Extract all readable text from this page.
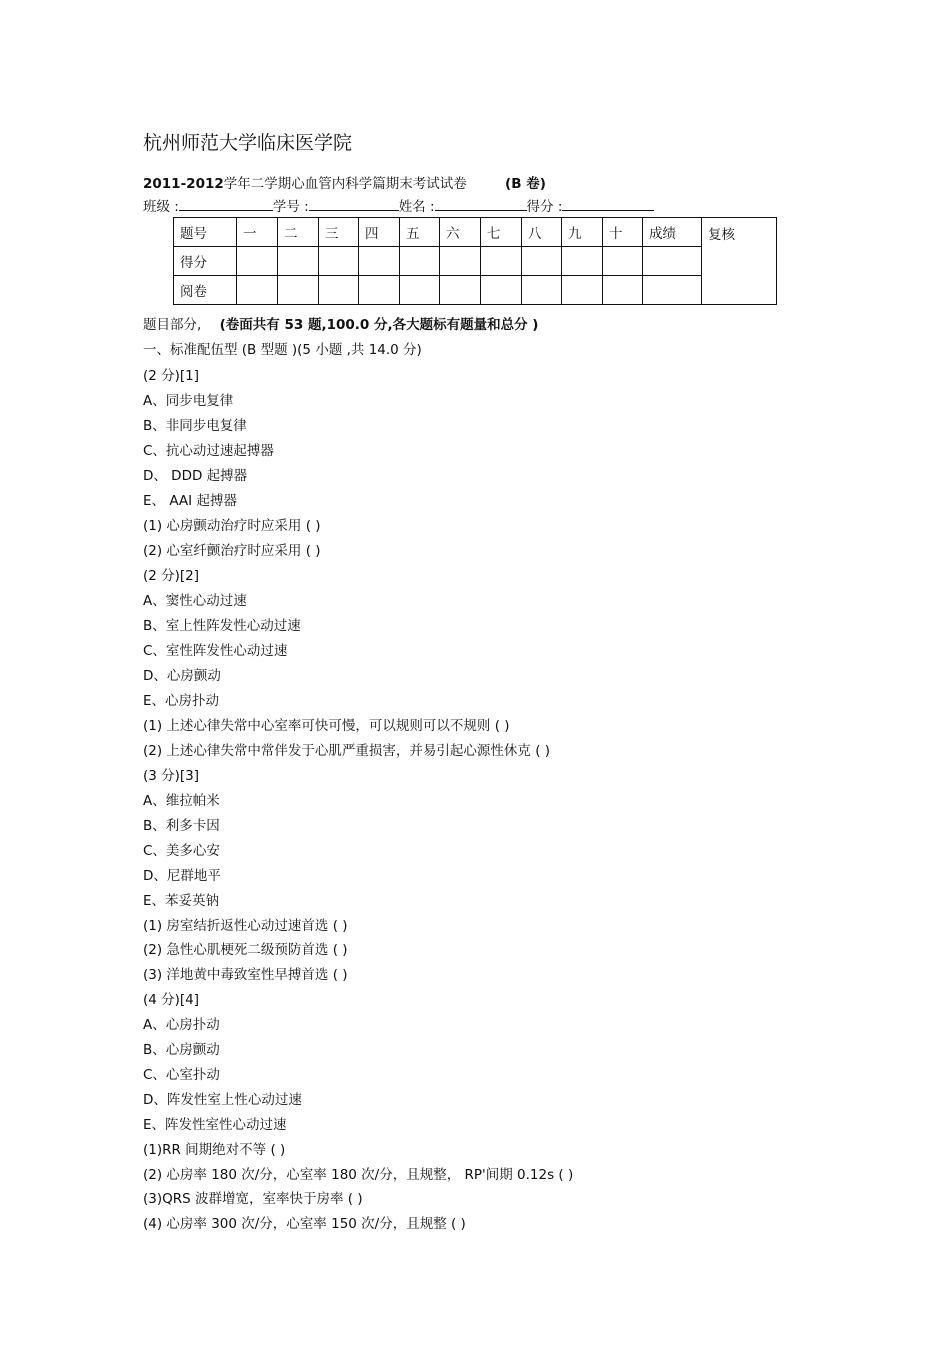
杭州师范大学临床医学院
2011-2012学年二学期心血管内科学篇期末考试试卷	(B 卷)
班级 :	学号 :	姓名 :	得分 :
题号	一	二	三	四	五	六	七	八	九	十	成绩	复核
得分												
阅卷												
题目部分, (卷面共有 53 题,100.0 分,各大题标有题量和总分 )
一、标准配伍型 (B 型题 )(5 小题 ,共 14.0 分)
(2 分)[1]
A、同步电复律
B、非同步电复律
C、抗心动过速起搏器
D、 DDD 起搏器
E、 AAI 起搏器
(1) 心房颤动治疗时应采用 ( )
(2) 心室纤颤治疗时应采用 ( )
(2 分)[2]
A、窦性心动过速
B、室上性阵发性心动过速
C、室性阵发性心动过速
D、心房颤动
E、心房扑动
(1) 上述心律失常中心室率可快可慢，可以规则可以不规则 ( )
(2) 上述心律失常中常伴发于心肌严重损害，并易引起心源性休克 ( )
(3 分)[3]
A、维拉帕米
B、利多卡因
C、美多心安
D、尼群地平
E、苯妥英钠
(1) 房室结折返性心动过速首选 ( )
(2) 急性心肌梗死二级预防首选 ( )
(3) 洋地黄中毒致室性早搏首选 ( )
(4 分)[4]
A、心房扑动
B、心房颤动
C、心室扑动
D、阵发性室上性心动过速
E、阵发性室性心动过速
(1)RR 间期绝对不等 ( )
(2) 心房率 180 次/分，心室率 180 次/分，且规整， RP'间期 0.12s ( )
(3)QRS 波群增宽，室率快于房率 ( )
(4) 心房率 300 次/分，心室率 150 次/分，且规整 ( )
